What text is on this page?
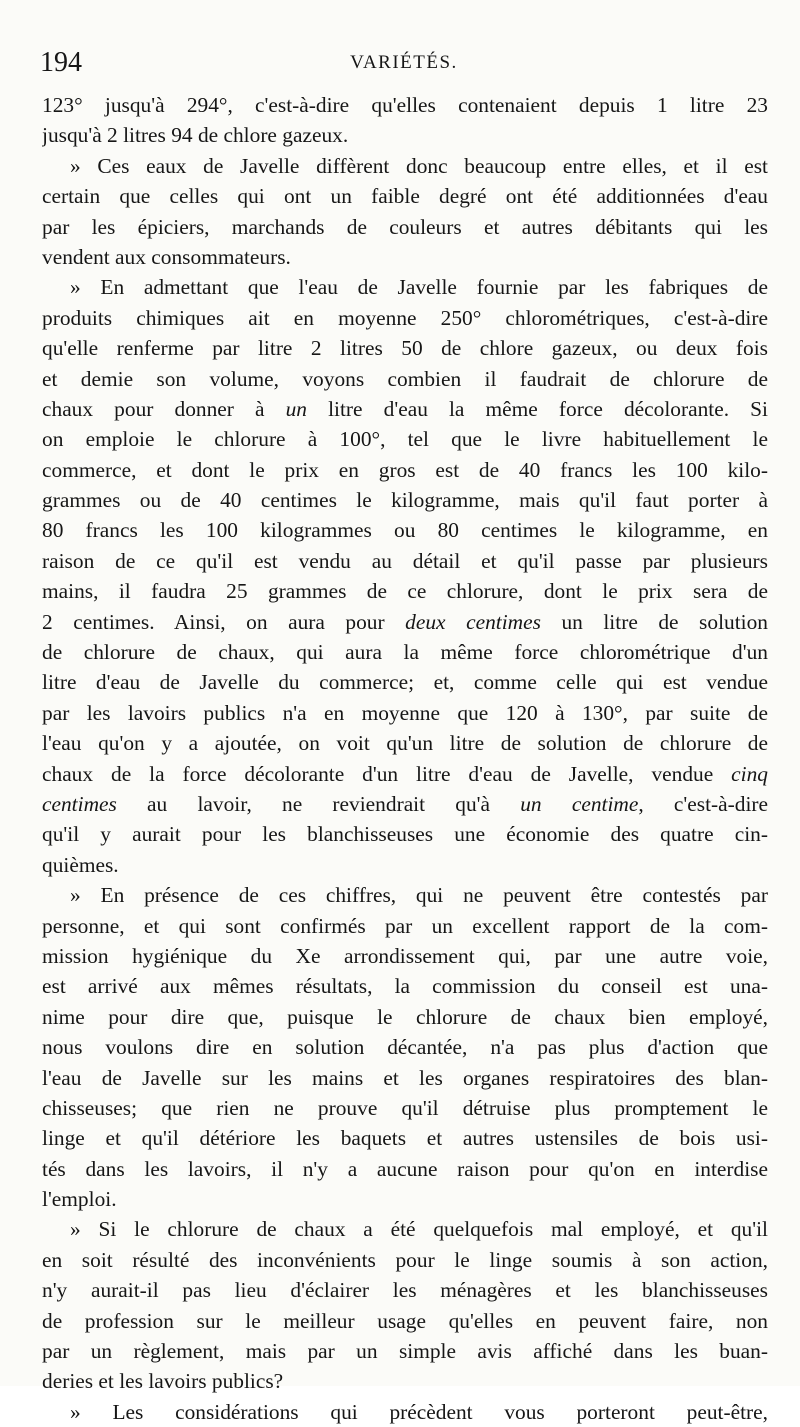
194	VARIÉTÉS.
123° jusqu'à 294°, c'est-à-dire qu'elles contenaient depuis 1 litre 23
jusqu'à 2 litres 94 de chlore gazeux.
» Ces eaux de Javelle diffèrent donc beaucoup entre elles, et il est
certain que celles qui ont un faible degré ont été additionnées d'eau
par les épiciers, marchands de couleurs et autres débitants qui les
vendent aux consommateurs.
» En admettant que l'eau de Javelle fournie par les fabriques de
produits chimiques ait en moyenne 250° chlorométriques, c'est-à-dire
qu'elle renferme par litre 2 litres 50 de chlore gazeux, ou deux fois
et demie son volume, voyons combien il faudrait de chlorure de
chaux pour donner à un litre d'eau la même force décolorante. Si
on emploie le chlorure à 100°, tel que le livre habituellement le
commerce, et dont le prix en gros est de 40 francs les 100 kilo-
grammes ou de 40 centimes le kilogramme, mais qu'il faut porter à
80 francs les 100 kilogrammes ou 80 centimes le kilogramme, en
raison de ce qu'il est vendu au détail et qu'il passe par plusieurs
mains, il faudra 25 grammes de ce chlorure, dont le prix sera de
2 centimes. Ainsi, on aura pour deux centimes un litre de solution
de chlorure de chaux, qui aura la même force chlorométrique d'un
litre d'eau de Javelle du commerce; et, comme celle qui est vendue
par les lavoirs publics n'a en moyenne que 120 à 130°, par suite de
l'eau qu'on y a ajoutée, on voit qu'un litre de solution de chlorure de
chaux de la force décolorante d'un litre d'eau de Javelle, vendue cinq
centimes au lavoir, ne reviendrait qu'à un centime, c'est-à-dire
qu'il y aurait pour les blanchisseuses une économie des quatre cin-
quièmes.
» En présence de ces chiffres, qui ne peuvent être contestés par
personne, et qui sont confirmés par un excellent rapport de la com-
mission hygiénique du Xe arrondissement qui, par une autre voie,
est arrivé aux mêmes résultats, la commission du conseil est una-
nime pour dire que, puisque le chlorure de chaux bien employé,
nous voulons dire en solution décantée, n'a pas plus d'action que
l'eau de Javelle sur les mains et les organes respiratoires des blan-
chisseuses; que rien ne prouve qu'il détruise plus promptement le
linge et qu'il détériore les baquets et autres ustensiles de bois usi-
tés dans les lavoirs, il n'y a aucune raison pour qu'on en interdise
l'emploi.
» Si le chlorure de chaux a été quelquefois mal employé, et qu'il
en soit résulté des inconvénients pour le linge soumis à son action,
n'y aurait-il pas lieu d'éclairer les ménagères et les blanchisseuses
de profession sur le meilleur usage qu'elles en peuvent faire, non
par un règlement, mais par un simple avis affiché dans les buan-
deries et les lavoirs publics?
» Les considérations qui précèdent vous porteront peut-être,
